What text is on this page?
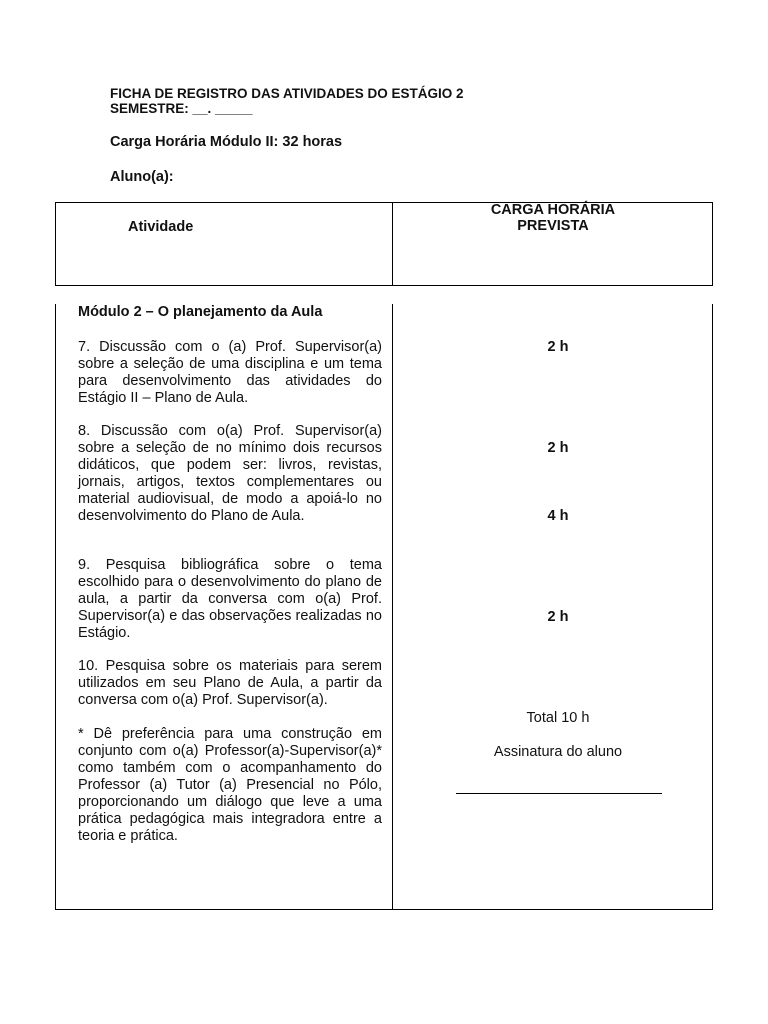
FICHA DE REGISTRO DAS ATIVIDADES DO ESTÁGIO 2
SEMESTRE: __. _____
Carga Horária Módulo II: 32 horas
Aluno(a):
Atividade
CARGA HORÁRIA
PREVISTA
Módulo 2 – O planejamento da Aula
7. Discussão com o (a) Prof. Supervisor(a) sobre a seleção de uma disciplina e um tema para desenvolvimento das atividades do Estágio II – Plano de Aula.
8. Discussão com o(a) Prof. Supervisor(a) sobre a seleção de no mínimo dois recursos didáticos, que podem ser: livros, revistas, jornais, artigos, textos complementares ou material audiovisual, de modo a apoiá-lo no desenvolvimento do Plano de Aula.
9. Pesquisa bibliográfica sobre o tema escolhido para o desenvolvimento do plano de aula, a partir da conversa com o(a) Prof. Supervisor(a) e das observações realizadas no Estágio.
10. Pesquisa sobre os materiais para serem utilizados em seu Plano de Aula, a partir da conversa com o(a) Prof. Supervisor(a).
* Dê preferência para uma construção em conjunto com o(a) Professor(a)-Supervisor(a)* como também com o acompanhamento do Professor (a) Tutor (a) Presencial no Pólo, proporcionando um diálogo que leve a uma prática pedagógica mais integradora entre a teoria e prática.
2 h
2 h
4 h
2 h
Total 10 h
Assinatura do aluno
